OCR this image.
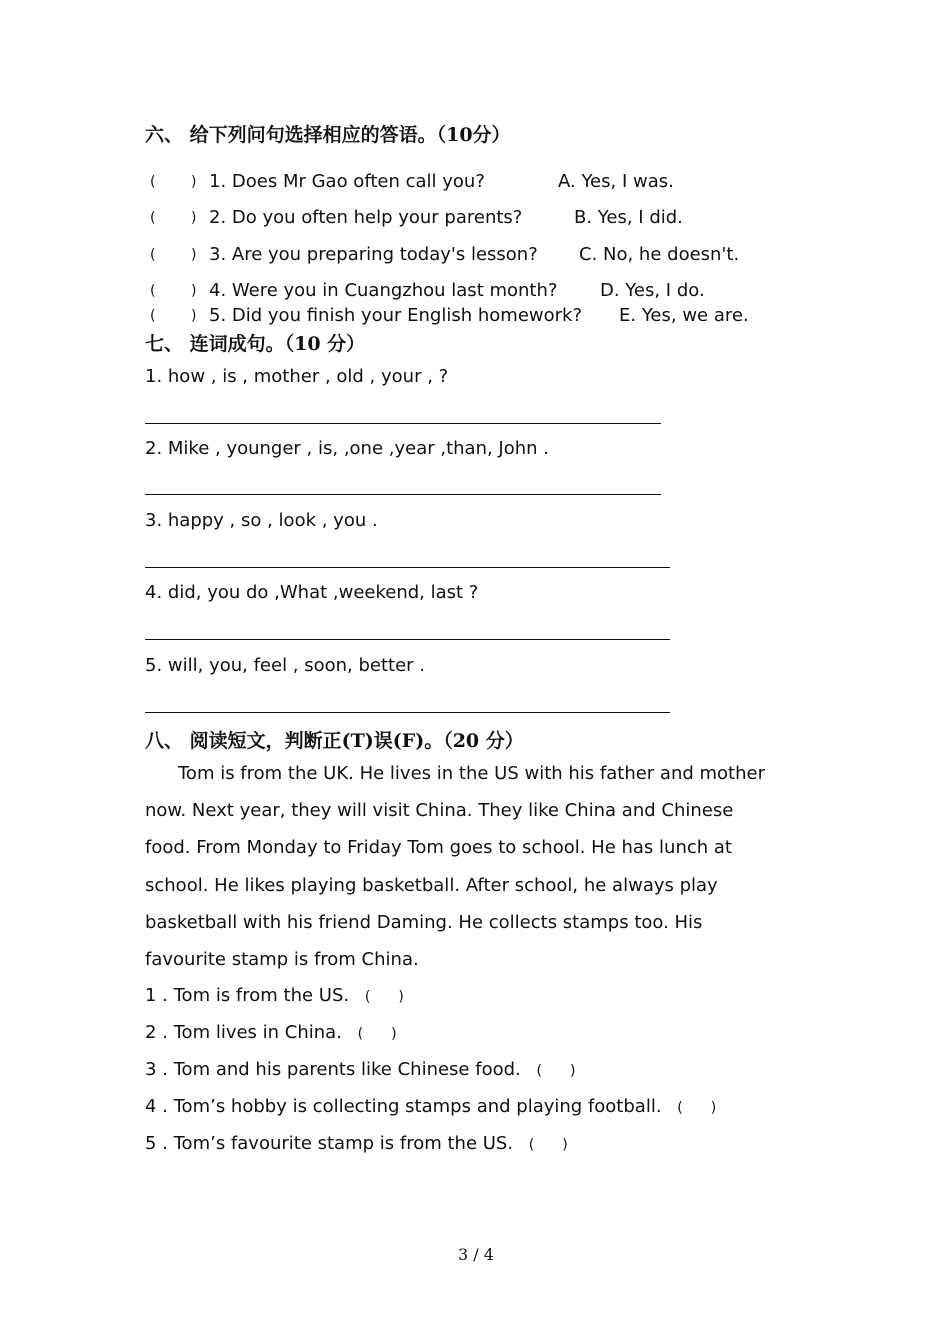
六、 给下列问句选择相应的答语。（10分）
(	) 1. Does Mr Gao often call you?	A. Yes, I was.
(	) 2. Do you often help your parents?	B. Yes, I did.
(	) 3. Are you preparing today's lesson? C. No, he doesn't.
(	) 4. Were you in Cuangzhou last month? D. Yes, I do.
(	) 5. Did you finish your English homework? E. Yes, we are.
七、 连词成句。（10 分）
1. how , is , mother , old , your , ?
2. Mike , younger , is, ,one ,year ,than, John .
3. happy , so , look , you .
4. did, you do ,What ,weekend, last ?
5. will, you, feel , soon, better .
八、 阅读短文，判断正(T)误(F)。（20 分）
Tom is from the UK. He lives in the US with his father and mother
now. Next year, they will visit China. They like China and Chinese
food. From Monday to Friday Tom goes to school. He has lunch at
school. He likes playing basketball. After school, he always play
basketball with his friend Daming. He collects stamps too. His
favourite stamp is from China.
1 . Tom is from the US. (　　)
2 . Tom lives in China. (　　)
3 . Tom and his parents like Chinese food. (　　)
4 . Tom’s hobby is collecting stamps and playing football. (　　)
5 . Tom’s favourite stamp is from the US. (　　)
3 / 4
